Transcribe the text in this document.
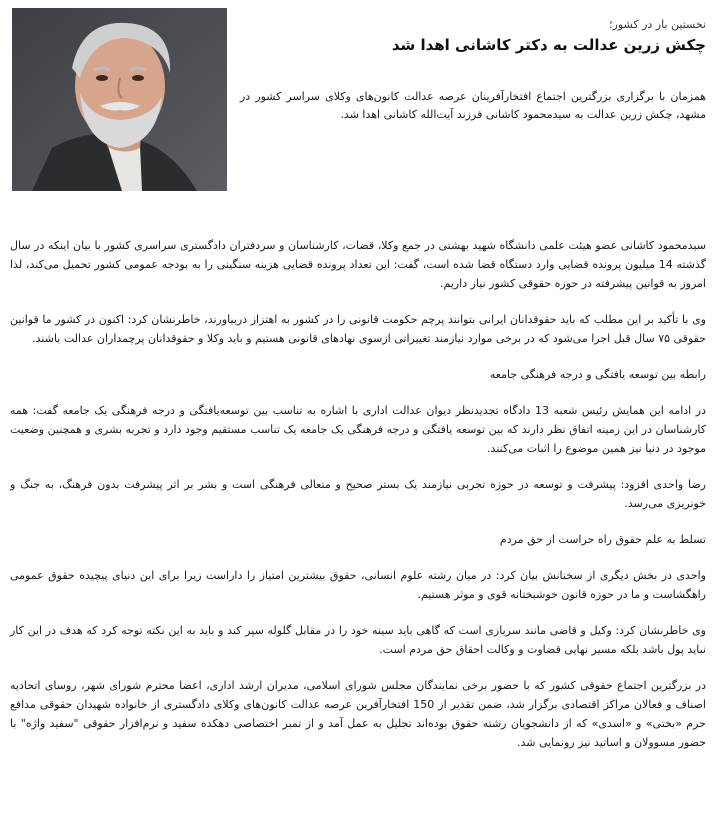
نخستین بار در کشور؛
چکش زرین عدالت به دکتر کاشانی اهدا شد
همزمان با برگزاری بزرگترین اجتماع افتخارآفرینان عرصه عدالت کانون‌های وکلای سراسر کشور در مشهد، چکش زرین عدالت به سیدمحمود کاشانی فرزند آیت‌الله کاشانی اهدا شد.

سیدمحمود کاشانی عضو هیئت علمی دانشگاه شهید بهشتی در جمع وکلا، قضات، کارشناسان و سردفتران دادگستری سراسری کشور با بیان اینکه در سال گذشته 14 میلیون پرونده قضایی وارد دستگاه قضا شده است، گفت: این تعداد پرونده قضایی هزینه سنگینی را به بودجه عمومی کشور تحمیل می‌کند، لذا امروز به قوانین پیشرفته در حوزه حقوقی کشور نیاز داریم.

وی با تأکید بر این مطلب که باید حقوقدانان ایرانی بتوانند پرچم حکومت قانونی را در کشور به اهتزاز دربیاورند، خاطرنشان کرد: اکنون در کشور ما قوانین حقوقی ۷۵ سال قبل اجرا می‌شود که در برخی موارد نیازمند تغییراتی ازسوی نهادهای قانونی هستیم و باید وکلا و حقوقدانان پرچمداران عدالت باشند.

رابطه بین توسعه یافتگی و درجه فرهنگی جامعه

در ادامه این همایش رئیس شعبه 13 دادگاه تجدیدنظر دیوان عدالت اداری با اشاره به تناسب بین توسعه‌یافتگی و درجه فرهنگی یک جامعه گفت: همه کارشناسان در این زمینه اتفاق نظر دارند که بین توسعه یافتگی و درجه فرهنگی یک جامعه یک تناسب مستقیم وجود دارد و تجربه بشری و همچنین وضعیت موجود در دنیا نیز همین موضوع را اثبات می‌کنند.

رضا واحدی افزود: پیشرفت و توسعه در حوزه تجربی نیازمند یک بستر صحیح و متعالی فرهنگی است و بشر بر اثر پیشرفت بدون فرهنگ، به جنگ و خونریزی می‌رسد.

تسلط به علم حقوق راه حراست از حق مردم

واحدی در بخش دیگری از سخنانش بیان کرد: در میان رشته علوم انسانی، حقوق بیشترین امتیاز را داراست زیرا برای این دنیای پیچیده حقوق عمومی راهگشاست و ما در حوزه قانون خوشبختانه قوی و موثر هستیم.

وی خاطرنشان کرد: وکیل و قاضی مانند سربازی است که گاهی باید سینه خود را در مقابل گلوله سپر کند و باید به این نکته توجه کرد که هدف در این کار نباید پول باشد بلکه مسیر نهایی قضاوت و وکالت احقاق حق مردم است.

در بزرگترین اجتماع حقوقی کشور که با حضور برخی نمایندگان مجلس شورای اسلامی، مدیران ارشد اداری، اعضا محترم شورای شهر، روسای اتحادیه اصناف و فعالان مراکز اقتصادی برگزار شد، ضمن تقدیر از 150 افتخارآفرین عرصه عدالت کانون‌های وکلای دادگستری از خانواده شهیدان حقوقی مدافع حرم «بختی» و «اسدی» که از دانشجویان رشته حقوق بوده‌اند تجلیل به عمل آمد و از تمبر اختصاصی دهکده سفید و نرم‌افزار حقوقی "سفید واژه" با حضور مسوولان و اساتید نیز رونمایی شد.
